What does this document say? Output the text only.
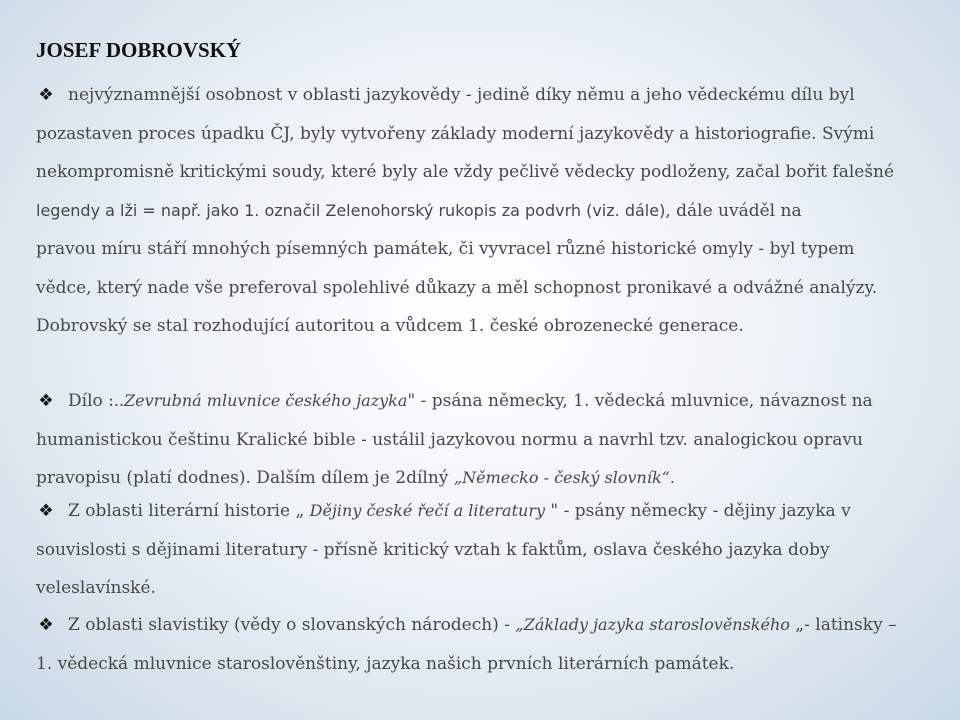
JOSEF DOBROVSKÝ
❖ nejvýznamnější osobnost v oblasti jazykovědy - jedině díky němu a jeho vědeckému dílu byl
pozastaven proces úpadku ČJ, byly vytvořeny základy moderní jazykovědy a historiografie. Svými
nekompromisně kritickými soudy, které byly ale vždy pečlivě vědecky podloženy, začal bořit falešné
legendy a lži = např. jako 1. označil Zelenohorský rukopis za podvrh (viz. dále), dále uváděl na
pravou míru stáří mnohých písemných památek, či vyvracel různé historické omyly - byl typem
vědce, který nade vše preferoval spolehlivé důkazy a měl schopnost pronikavé a odvážné analýzy.
Dobrovský se stal rozhodující autoritou a vůdcem 1. české obrozenecké generace.
❖ Dílo :..Zevrubná mluvnice českého jazyka" - psána německy, 1. vědecká mluvnice, návaznost na
humanistickou češtinu Kralické bible - ustálil jazykovou normu a navrhl tzv. analogickou opravu
pravopisu (platí dodnes). Dalším dílem je 2dílný „Německo - český slovník“.
❖ Z oblasti literární historie „ Dějiny české řečí a literatury " - psány německy - dějiny jazyka v
souvislosti s dějinami literatury - přísně kritický vztah k faktům, oslava českého jazyka doby
veleslavínské.
❖ Z oblasti slavistiky (vědy o slovanských národech) - „Základy jazyka staroslověnského „- latinsky –
1. vědecká mluvnice staroslověnštiny, jazyka našich prvních literárních památek.
